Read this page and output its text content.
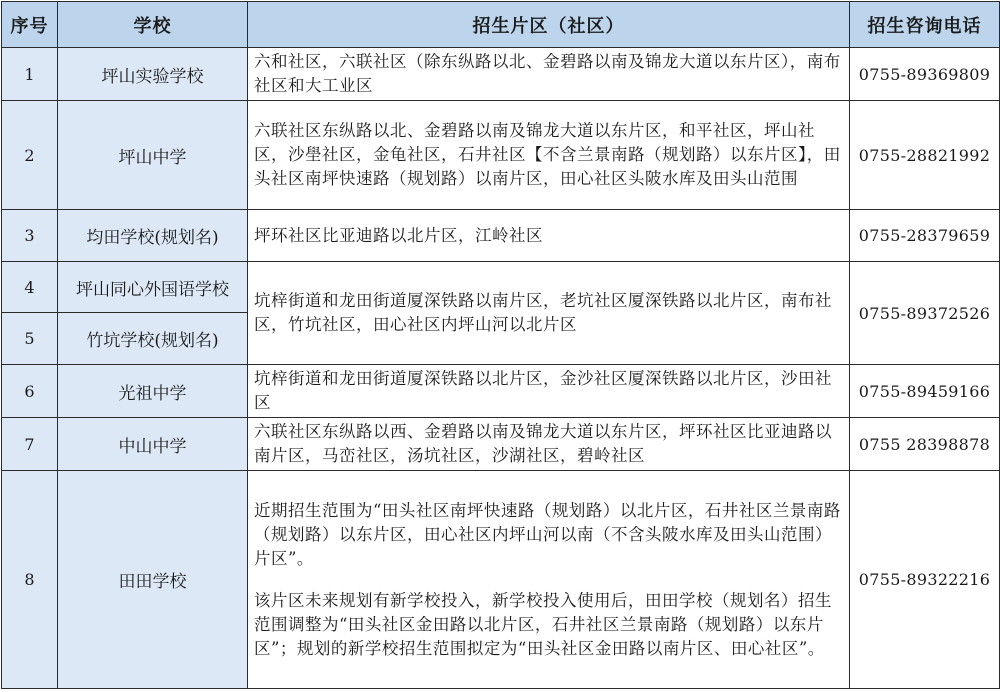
序号	学校	招生片区（社区）	招生咨询电话
1	坪山实验学校	六和社区，六联社区（除东纵路以北、金碧路以南及锦龙大道以东片区），南布社区和大工业区	0755-89369809
2	坪山中学	六联社区东纵路以北、金碧路以南及锦龙大道以东片区，和平社区，坪山社区，沙壆社区，金龟社区，石井社区【不含兰景南路（规划路）以东片区】，田头社区南坪快速路（规划路）以南片区，田心社区头陂水库及田头山范围	0755-28821992
3	均田学校(规划名)	坪环社区比亚迪路以北片区，江岭社区	0755-28379659
4	坪山同心外国语学校	坑梓街道和龙田街道厦深铁路以南片区，老坑社区厦深铁路以北片区，南布社区，竹坑社区，田心社区内坪山河以北片区	0755-89372526
5	竹坑学校(规划名)		
6	光祖中学	坑梓街道和龙田街道厦深铁路以北片区，金沙社区厦深铁路以北片区，沙田社区	0755-89459166
7	中山中学	六联社区东纵路以西、金碧路以南及锦龙大道以东片区，坪环社区比亚迪路以南片区，马峦社区，汤坑社区，沙湖社区，碧岭社区	0755 28398878
8	田田学校	近期招生范围为“田头社区南坪快速路（规划路）以北片区，石井社区兰景南路（规划路）以东片区，田心社区内坪山河以南（不含头陂水库及田头山范围）片区”。

该片区未来规划有新学校投入，新学校投入使用后，田田学校（规划名）招生范围调整为“田头社区金田路以北片区，石井社区兰景南路（规划路）以东片区”；规划的新学校招生范围拟定为“田头社区金田路以南片区、田心社区”。	0755-89322216
